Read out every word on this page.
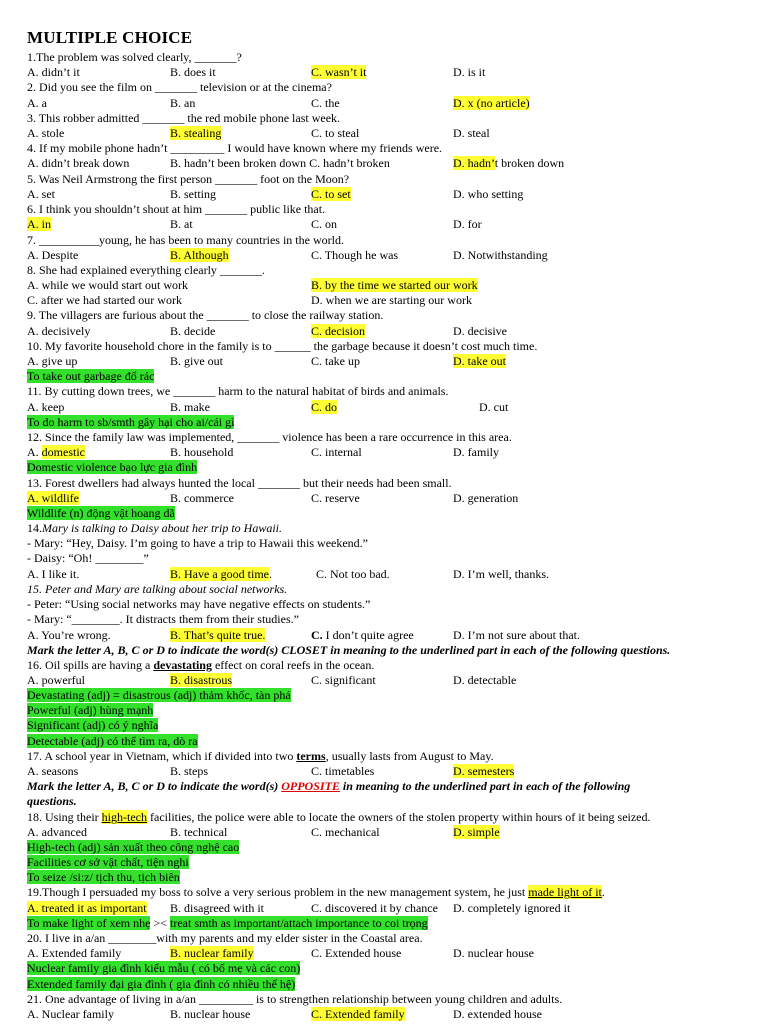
MULTIPLE CHOICE
1.The problem was solved clearly, _______?
A. didn’t it	B. does it	C. wasn’t it	D. is it
2. Did you see the film on _______ television or at the cinema?
A. a	B. an	C. the	D. x (no article)
3. This robber admitted _______ the red mobile phone last week.
A. stole	B. stealing	C. to steal	D. steal
4. If my mobile phone hadn’t _________ I would have known where my friends were.
A. didn’t break down	B. hadn’t been broken down C. hadn’t broken	D. hadn’t broken down
5. Was Neil Armstrong the first person _______ foot on the Moon?
A. set	B. setting	C. to set	D. who setting
6. I think you shouldn’t shout at him _______ public like that.
A. in	B. at	C. on	D. for
7. __________young, he has been to many countries in the world.
A. Despite	B. Although	C. Though he was	D. Notwithstanding
8. She had explained everything clearly _______.
A. while we would start out work	B. by the time we started our work
C. after we had started our work	D. when we are starting our work
9. The villagers are furious about the _______ to close the railway station.
A. decisively	B. decide	C. decision	D. decisive
10. My favorite household chore in the family is to ______ the garbage because it doesn’t cost much time.
A. give up	B. give out	C. take up	D. take out
To take out garbage đổ rác
11. By cutting down trees, we _______ harm to the natural habitat of birds and animals.
A. keep	B. make	C. do	D. cut
To do harm to sb/smth gây hại cho ai/cái gì
12. Since the family law was implemented, _______ violence has been a rare occurrence in this area.
A. domestic	B. household	C. internal	D. family
Domestic violence bạo lực gia đình
13. Forest dwellers had always hunted the local _______ but their needs had been small.
A. wildlife	B. commerce	C. reserve	D. generation
Wildlife (n) động vật hoang dã
14.Mary is talking to Daisy about her trip to Hawaii.
- Mary: “Hey, Daisy. I’m going to have a trip to Hawaii this weekend.”
- Daisy: “Oh! ________”
A. I like it.	B. Have a good time.	C. Not too bad.	D. I’m well, thanks.
15. Peter and Mary are talking about social networks.
- Peter: “Using social networks may have negative effects on students.”
- Mary: “________. It distracts them from their studies.”
A. You’re wrong.	B. That’s quite true.	C. I don’t quite agree	D. I’m not sure about that.
Mark the letter A, B, C or D to indicate the word(s) CLOSET in meaning to the underlined part in each of the following questions.
16. Oil spills are having a devastating effect on coral reefs in the ocean.
A. powerful	B. disastrous	C. significant	D. detectable
Devastating (adj) = disastrous (adj) thảm khốc, tàn phá
Powerful (adj) hùng mạnh
Significant (adj) có ý nghĩa
Detectable (adj) có thể tìm ra, dò ra
17. A school year in Vietnam, which if divided into two terms, usually lasts from August to May.
A. seasons	B. steps	C. timetables	D. semesters
Mark the letter A, B, C or D to indicate the word(s) OPPOSITE in meaning to the underlined part in each of the following
questions.
18. Using their high-tech facilities, the police were able to locate the owners of the stolen property within hours of it being seized.
A. advanced	B. technical	C. mechanical	D. simple
High-tech (adj) sản xuất theo công nghệ cao
Facilities cơ sở vật chất, tiện nghi
To seize /si:z/ tịch thu, tịch biên
19.Though I persuaded my boss to solve a very serious problem in the new management system, he just made light of it.
A. treated it as important B. disagreed with it	C. discovered it by chance D. completely ignored it
To make light of xem nhẹ >< treat smth as important/attach importance to coi trọng
20. I live in a/an ________with my parents and my elder sister in the Coastal area.
A. Extended family	B. nuclear family	C. Extended house	D. nuclear house
Nuclear family gia đình kiểu mẫu ( có bố mẹ và các con)
Extended family đại gia đình ( gia đình có nhiều thế hệ)
21. One advantage of living in a/an _________ is to strengthen relationship between young children and adults.
A. Nuclear family	B. nuclear house	C. Extended family	D. extended house
